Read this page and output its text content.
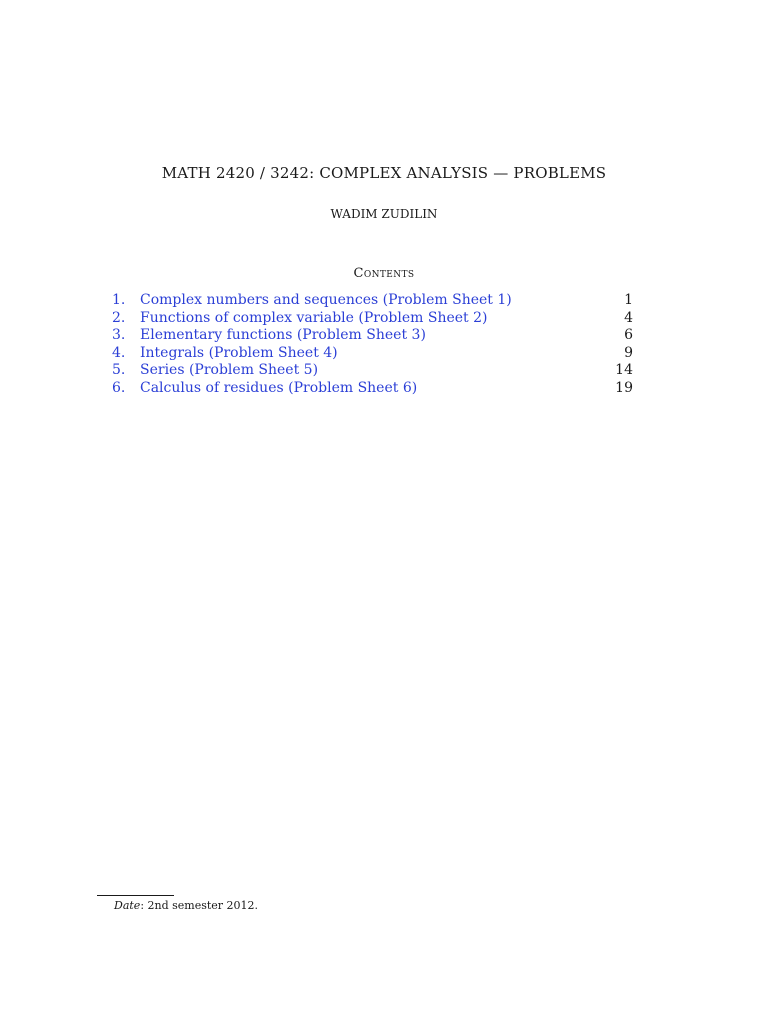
MATH 2420 / 3242: COMPLEX ANALYSIS — PROBLEMS
WADIM ZUDILIN
Contents
1. Complex numbers and sequences (Problem Sheet 1)	1
2. Functions of complex variable (Problem Sheet 2)	4
3. Elementary functions (Problem Sheet 3)	6
4. Integrals (Problem Sheet 4)	9
5. Series (Problem Sheet 5)	14
6. Calculus of residues (Problem Sheet 6)	19
Date: 2nd semester 2012.
